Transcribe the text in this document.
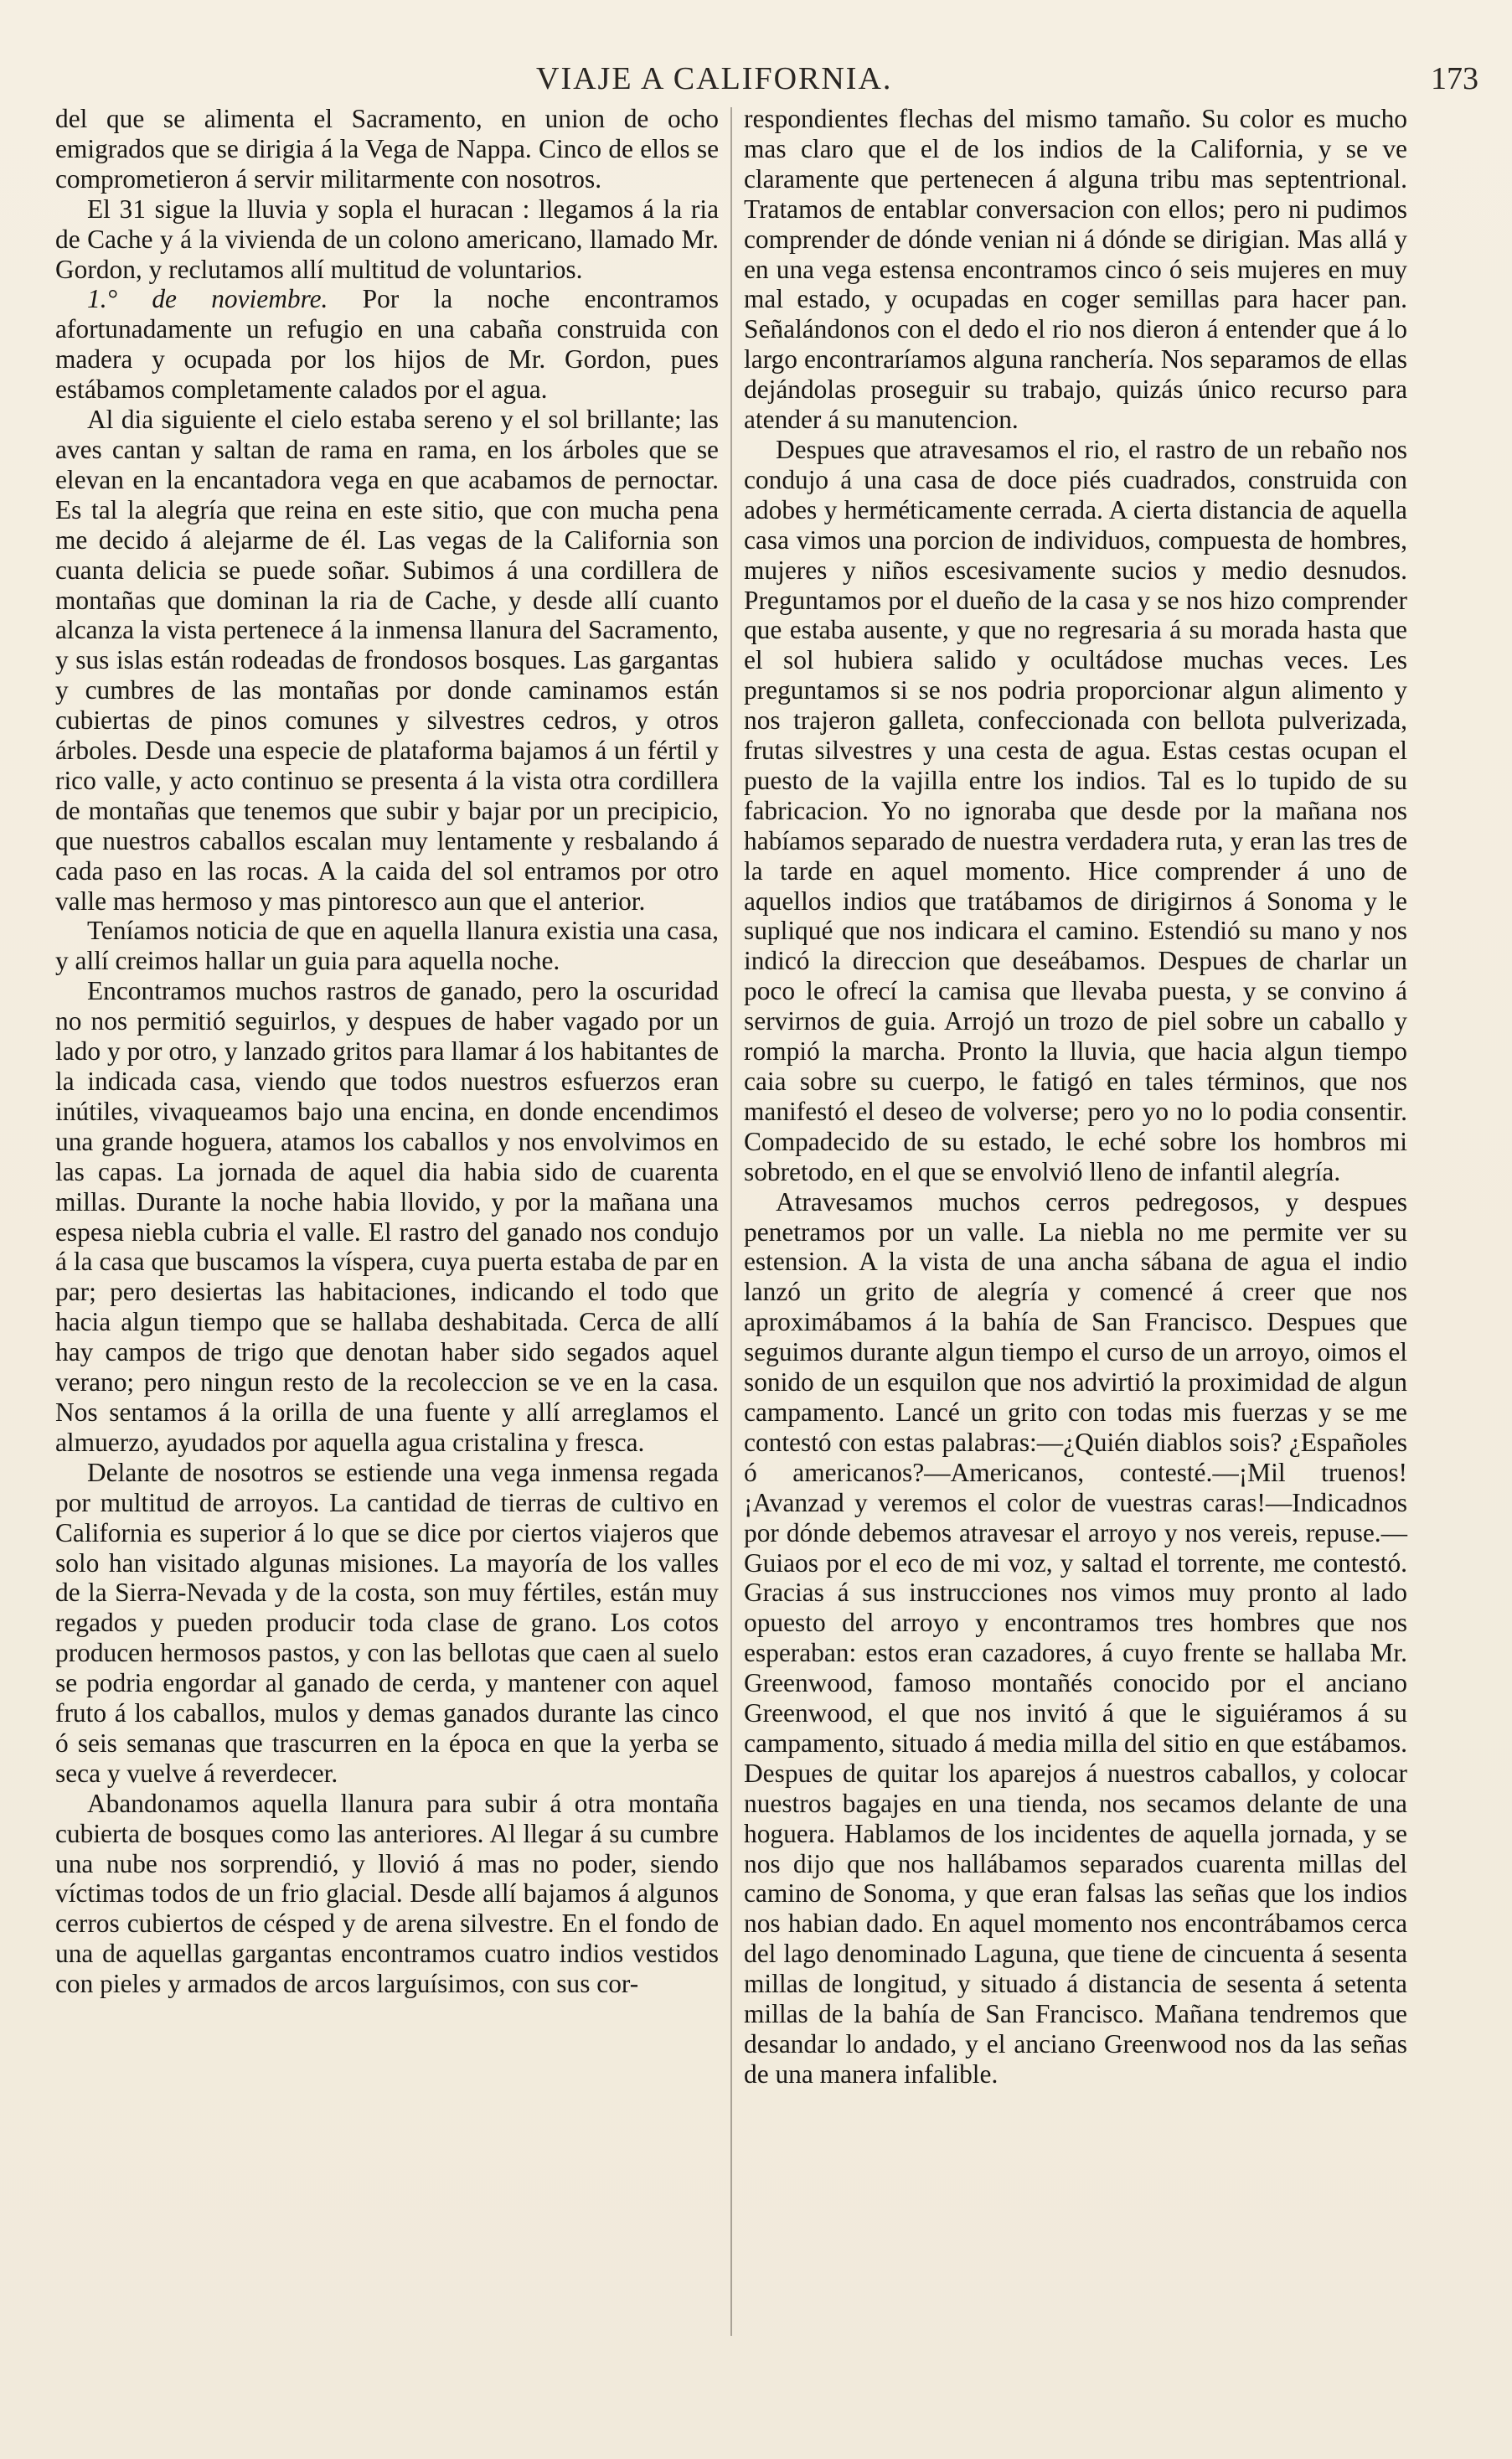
VIAJE A CALIFORNIA.	173

del que se alimenta el Sacramento, en union de ocho emigrados que se dirigia á la Vega de Nappa. Cinco de ellos se comprometieron á servir militarmente con nosotros.

El 31 sigue la lluvia y sopla el huracan : llegamos á la ria de Cache y á la vivienda de un colono americano, llamado Mr. Gordon, y reclutamos allí multitud de voluntarios.

1.° de noviembre. Por la noche encontramos afortunadamente un refugio en una cabaña construida con madera y ocupada por los hijos de Mr. Gordon, pues estábamos completamente calados por el agua.

Al dia siguiente el cielo estaba sereno y el sol brillante; las aves cantan y saltan de rama en rama, en los árboles que se elevan en la encantadora vega en que acabamos de pernoctar. Es tal la alegría que reina en este sitio, que con mucha pena me decido á alejarme de él. Las vegas de la California son cuanta delicia se puede soñar. Subimos á una cordillera de montañas que dominan la ria de Cache, y desde allí cuanto alcanza la vista pertenece á la inmensa llanura del Sacramento, y sus islas están rodeadas de frondosos bosques. Las gargantas y cumbres de las montañas por donde caminamos están cubiertas de pinos comunes y silvestres cedros, y otros árboles. Desde una especie de plataforma bajamos á un fértil y rico valle, y acto continuo se presenta á la vista otra cordillera de montañas que tenemos que subir y bajar por un precipicio, que nuestros caballos escalan muy lentamente y resbalando á cada paso en las rocas. A la caida del sol entramos por otro valle mas hermoso y mas pintoresco aun que el anterior.

Teníamos noticia de que en aquella llanura existia una casa, y allí creimos hallar un guia para aquella noche.

Encontramos muchos rastros de ganado, pero la oscuridad no nos permitió seguirlos, y despues de haber vagado por un lado y por otro, y lanzado gritos para llamar á los habitantes de la indicada casa, viendo que todos nuestros esfuerzos eran inútiles, vivaqueamos bajo una encina, en donde encendimos una grande hoguera, atamos los caballos y nos envolvimos en las capas. La jornada de aquel dia habia sido de cuarenta millas. Durante la noche habia llovido, y por la mañana una espesa niebla cubria el valle. El rastro del ganado nos condujo á la casa que buscamos la víspera, cuya puerta estaba de par en par; pero desiertas las habitaciones, indicando el todo que hacia algun tiempo que se hallaba deshabitada. Cerca de allí hay campos de trigo que denotan haber sido segados aquel verano; pero ningun resto de la recoleccion se ve en la casa. Nos sentamos á la orilla de una fuente y allí arreglamos el almuerzo, ayudados por aquella agua cristalina y fresca.

Delante de nosotros se estiende una vega inmensa regada por multitud de arroyos. La cantidad de tierras de cultivo en California es superior á lo que se dice por ciertos viajeros que solo han visitado algunas misiones. La mayoría de los valles de la Sierra-Nevada y de la costa, son muy fértiles, están muy regados y pueden producir toda clase de grano. Los cotos producen hermosos pastos, y con las bellotas que caen al suelo se podria engordar al ganado de cerda, y mantener con aquel fruto á los caballos, mulos y demas ganados durante las cinco ó seis semanas que trascurren en la época en que la yerba se seca y vuelve á reverdecer.

Abandonamos aquella llanura para subir á otra montaña cubierta de bosques como las anteriores. Al llegar á su cumbre una nube nos sorprendió, y llovió á mas no poder, siendo víctimas todos de un frio glacial. Desde allí bajamos á algunos cerros cubiertos de césped y de arena silvestre. En el fondo de una de aquellas gargantas encontramos cuatro indios vestidos con pieles y armados de arcos larguísimos, con sus cor-

respondientes flechas del mismo tamaño. Su color es mucho mas claro que el de los indios de la California, y se ve claramente que pertenecen á alguna tribu mas septentrional. Tratamos de entablar conversacion con ellos; pero ni pudimos comprender de dónde venian ni á dónde se dirigian. Mas allá y en una vega estensa encontramos cinco ó seis mujeres en muy mal estado, y ocupadas en coger semillas para hacer pan. Señalándonos con el dedo el rio nos dieron á entender que á lo largo encontraríamos alguna ranchería. Nos separamos de ellas dejándolas proseguir su trabajo, quizás único recurso para atender á su manutencion.

Despues que atravesamos el rio, el rastro de un rebaño nos condujo á una casa de doce piés cuadrados, construida con adobes y herméticamente cerrada. A cierta distancia de aquella casa vimos una porcion de individuos, compuesta de hombres, mujeres y niños escesivamente sucios y medio desnudos. Preguntamos por el dueño de la casa y se nos hizo comprender que estaba ausente, y que no regresaria á su morada hasta que el sol hubiera salido y ocultádose muchas veces. Les preguntamos si se nos podria proporcionar algun alimento y nos trajeron galleta, confeccionada con bellota pulverizada, frutas silvestres y una cesta de agua. Estas cestas ocupan el puesto de la vajilla entre los indios. Tal es lo tupido de su fabricacion. Yo no ignoraba que desde por la mañana nos habíamos separado de nuestra verdadera ruta, y eran las tres de la tarde en aquel momento. Hice comprender á uno de aquellos indios que tratábamos de dirigirnos á Sonoma y le supliqué que nos indicara el camino. Estendió su mano y nos indicó la direccion que deseábamos. Despues de charlar un poco le ofrecí la camisa que llevaba puesta, y se convino á servirnos de guia. Arrojó un trozo de piel sobre un caballo y rompió la marcha. Pronto la lluvia, que hacia algun tiempo caia sobre su cuerpo, le fatigó en tales términos, que nos manifestó el deseo de volverse; pero yo no lo podia consentir. Compadecido de su estado, le eché sobre los hombros mi sobretodo, en el que se envolvió lleno de infantil alegría.

Atravesamos muchos cerros pedregosos, y despues penetramos por un valle. La niebla no me permite ver su estension. A la vista de una ancha sábana de agua el indio lanzó un grito de alegría y comencé á creer que nos aproximábamos á la bahía de San Francisco. Despues que seguimos durante algun tiempo el curso de un arroyo, oimos el sonido de un esquilon que nos advirtió la proximidad de algun campamento. Lancé un grito con todas mis fuerzas y se me contestó con estas palabras:—¿Quién diablos sois? ¿Españoles ó americanos?—Americanos, contesté.—¡Mil truenos! ¡Avanzad y veremos el color de vuestras caras!—Indicadnos por dónde debemos atravesar el arroyo y nos vereis, repuse.—Guiaos por el eco de mi voz, y saltad el torrente, me contestó. Gracias á sus instrucciones nos vimos muy pronto al lado opuesto del arroyo y encontramos tres hombres que nos esperaban: estos eran cazadores, á cuyo frente se hallaba Mr. Greenwood, famoso montañés conocido por el anciano Greenwood, el que nos invitó á que le siguiéramos á su campamento, situado á media milla del sitio en que estábamos. Despues de quitar los aparejos á nuestros caballos, y colocar nuestros bagajes en una tienda, nos secamos delante de una hoguera. Hablamos de los incidentes de aquella jornada, y se nos dijo que nos hallábamos separados cuarenta millas del camino de Sonoma, y que eran falsas las señas que los indios nos habian dado. En aquel momento nos encontrábamos cerca del lago denominado Laguna, que tiene de cincuenta á sesenta millas de longitud, y situado á distancia de sesenta á setenta millas de la bahía de San Francisco. Mañana tendremos que desandar lo andado, y el anciano Greenwood nos da las señas de una manera infalible.
